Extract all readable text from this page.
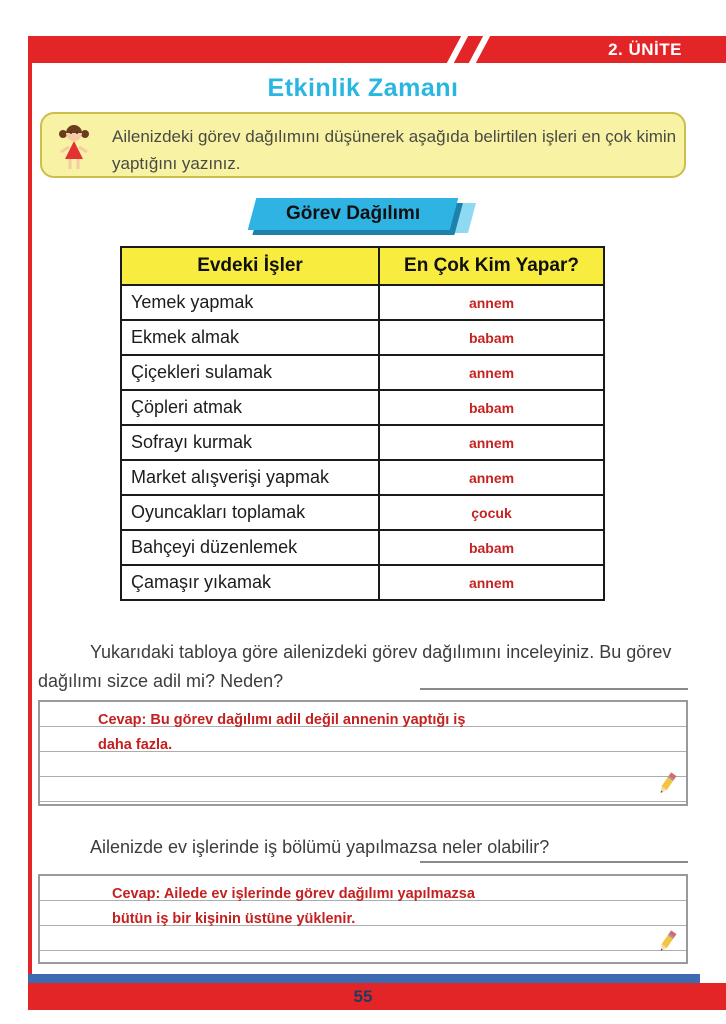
2. ÜNİTE
Etkinlik Zamanı
Ailenizdeki görev dağılımını düşünerek aşağıda belirtilen işleri en çok kimin yaptığını yazınız.
Görev Dağılımı
Evdeki İşler	En Çok Kim Yapar?
Yemek yapmak	annem
Ekmek almak	babam
Çiçekleri sulamak	annem
Çöpleri atmak	babam
Sofrayı kurmak	annem
Market alışverişi yapmak	annem
Oyuncakları toplamak	çocuk
Bahçeyi düzenlemek	babam
Çamaşır yıkamak	annem
Yukarıdaki tabloya göre ailenizdeki görev dağılımını inceleyiniz. Bu görev dağılımı sizce adil mi? Neden?
Cevap: Bu görev dağılımı adil değil annenin yaptığı iş
daha fazla.
Ailenizde ev işlerinde iş bölümü yapılmazsa neler olabilir?
Cevap: Ailede ev işlerinde görev dağılımı yapılmazsa
bütün iş bir kişinin üstüne yüklenir.
55
